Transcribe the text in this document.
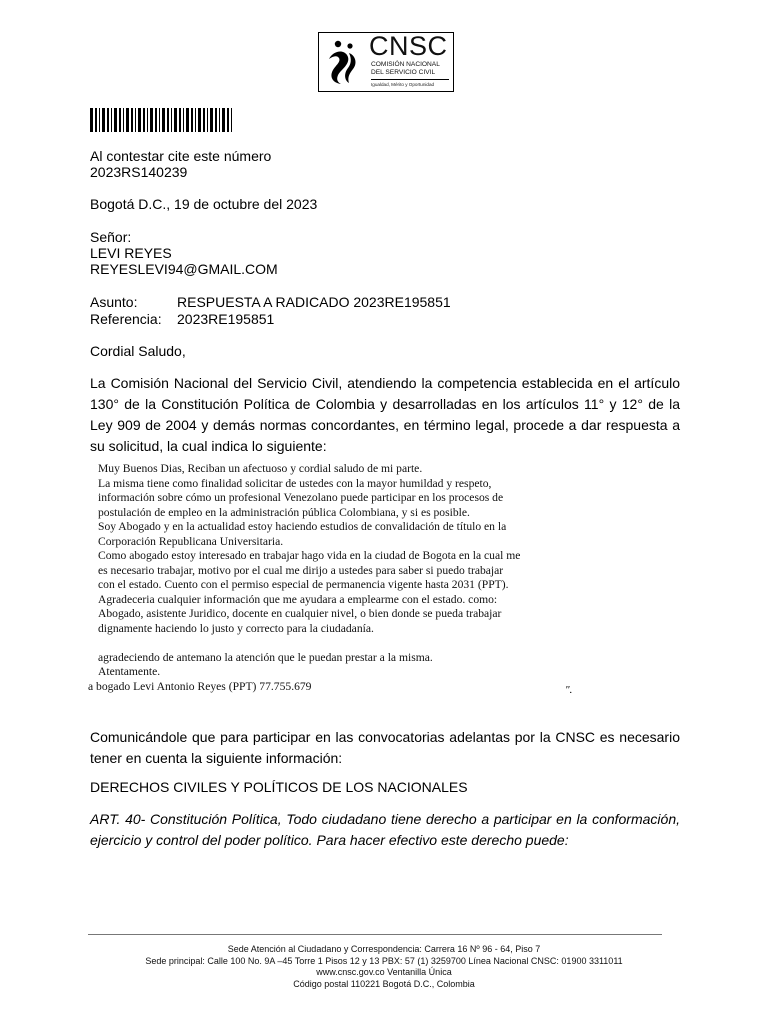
CNSC
COMISIÓN NACIONAL
DEL SERVICIO CIVIL
Igualdad, Mérito y Oportunidad
Al contestar cite este número
2023RS140239
Bogotá D.C., 19 de octubre del 2023
Señor:
LEVI REYES
REYESLEVI94@GMAIL.COM
Asunto:	RESPUESTA A RADICADO 2023RE195851
Referencia: 2023RE195851
Cordial Saludo,
La Comisión Nacional del Servicio Civil, atendiendo la competencia establecida en el artículo 130° de la Constitución Política de Colombia y desarrolladas en los artículos 11° y 12° de la Ley 909 de 2004 y demás normas concordantes, en término legal, procede a dar respuesta a su solicitud, la cual indica lo siguiente:
Muy Buenos Dias, Reciban un afectuoso y cordial saludo de mi parte.
La misma tiene como finalidad solicitar de ustedes con la mayor humildad y respeto,
información sobre cómo un profesional Venezolano puede participar en los procesos de
postulación de empleo en la administración pública Colombiana, y si es posible.
Soy Abogado y en la actualidad estoy haciendo estudios de convalidación de título en la
Corporación Republicana Universitaria.
Como abogado estoy interesado en trabajar hago vida en la ciudad de Bogota en la cual me
es necesario trabajar, motivo por el cual me dirijo a ustedes para saber si puedo trabajar
con el estado. Cuento con el permiso especial de permanencia vigente hasta 2031 (PPT).
Agradeceria cualquier información que me ayudara a emplearme con el estado. como:
Abogado, asistente Juridico, docente en cualquier nivel, o bien donde se pueda trabajar
dignamente haciendo lo justo y correcto para la ciudadanía.

agradeciendo de antemano la atención que le puedan prestar a la misma.
Atentamente.
a bogado Levi Antonio Reyes (PPT) 77.755.679	".
Comunicándole que para participar en las convocatorias adelantas por la CNSC es necesario tener en cuenta la siguiente información:
DERECHOS CIVILES Y POLÍTICOS DE LOS NACIONALES
ART. 40- Constitución Política, Todo ciudadano tiene derecho a participar en la conformación, ejercicio y control del poder político. Para hacer efectivo este derecho puede:
Sede Atención al Ciudadano y Correspondencia: Carrera 16 Nº 96 - 64, Piso 7
Sede principal: Calle 100 No. 9A –45 Torre 1 Pisos 12 y 13 PBX: 57 (1) 3259700 Línea Nacional CNSC: 01900 3311011
www.cnsc.gov.co Ventanilla Única
Código postal 110221 Bogotá D.C., Colombia
